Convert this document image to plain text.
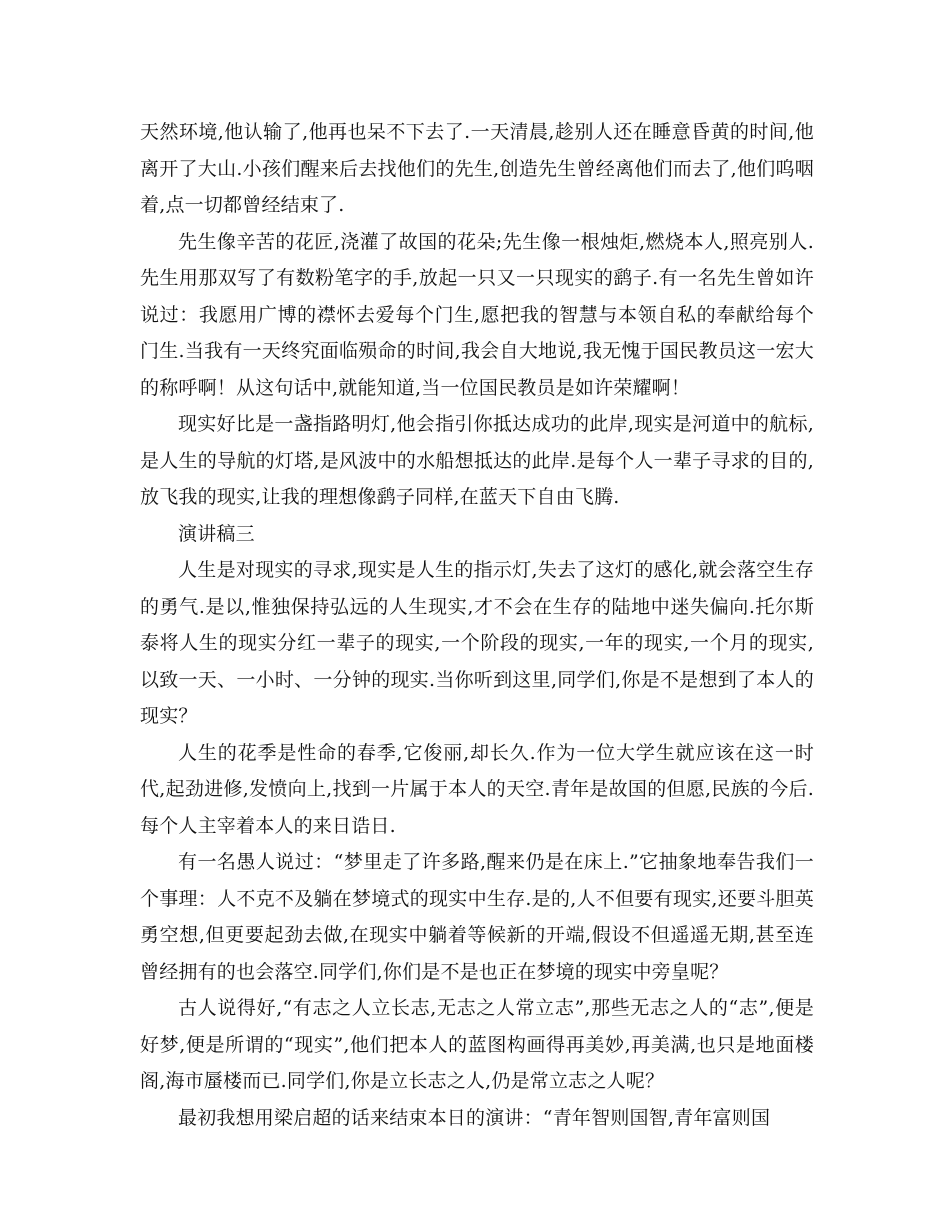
天然环境,他认输了,他再也呆不下去了.一天清晨,趁别人还在睡意昏黄的时间,他离开了大山.小孩们醒来后去找他们的先生,创造先生曾经离他们而去了,他们呜咽着,点一切都曾经结束了.

先生像辛苦的花匠,浇灌了故国的花朵;先生像一根烛炬,燃烧本人,照亮别人.先生用那双写了有数粉笔字的手,放起一只又一只现实的鹞子.有一名先生曾如许说过：我愿用广博的襟怀去爱每个门生,愿把我的智慧与本领自私的奉献给每个门生.当我有一天终究面临殒命的时间,我会自大地说,我无愧于国民教员这一宏大的称呼啊！从这句话中,就能知道,当一位国民教员是如许荣耀啊！

现实好比是一盏指路明灯,他会指引你抵达成功的此岸,现实是河道中的航标,是人生的导航的灯塔,是风波中的水船想抵达的此岸.是每个人一辈子寻求的目的,放飞我的现实,让我的理想像鹞子同样,在蓝天下自由飞腾.

演讲稿三

人生是对现实的寻求,现实是人生的指示灯,失去了这灯的感化,就会落空生存的勇气.是以,惟独保持弘远的人生现实,才不会在生存的陆地中迷失偏向.托尔斯泰将人生的现实分红一辈子的现实,一个阶段的现实,一年的现实,一个月的现实,以致一天、一小时、一分钟的现实.当你听到这里,同学们,你是不是想到了本人的现实？

人生的花季是性命的春季,它俊丽,却长久.作为一位大学生就应该在这一时代,起劲进修,发愤向上,找到一片属于本人的天空.青年是故国的但愿,民族的今后.每个人主宰着本人的来日诰日.

有一名愚人说过：“梦里走了许多路,醒来仍是在床上.”它抽象地奉告我们一个事理：人不克不及躺在梦境式的现实中生存.是的,人不但要有现实,还要斗胆英勇空想,但更要起劲去做,在现实中躺着等候新的开端,假设不但遥遥无期,甚至连曾经拥有的也会落空.同学们,你们是不是也正在梦境的现实中旁皇呢？

古人说得好,“有志之人立长志,无志之人常立志”,那些无志之人的“志”,便是好梦,便是所谓的“现实”,他们把本人的蓝图构画得再美妙,再美满,也只是地面楼阁,海市蜃楼而已.同学们,你是立长志之人,仍是常立志之人呢？

最初我想用梁启超的话来结束本日的演讲：“青年智则国智,青年富则国
